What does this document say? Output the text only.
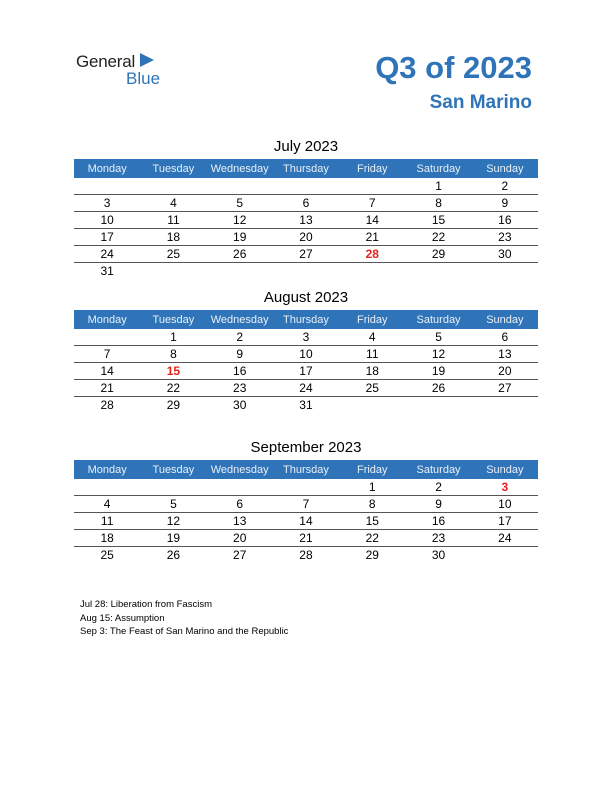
General
Blue	Q3 of 2023
San Marino
July 2023
Monday	Tuesday	Wednesday	Thursday	Friday	Saturday	Sunday
					1	2
3	4	5	6	7	8	9
10	11	12	13	14	15	16
17	18	19	20	21	22	23
24	25	26	27	28	29	30
31						
August 2023
Monday	Tuesday	Wednesday	Thursday	Friday	Saturday	Sunday
	1	2	3	4	5	6
7	8	9	10	11	12	13
14	15	16	17	18	19	20
21	22	23	24	25	26	27
28	29	30	31			
September 2023
Monday	Tuesday	Wednesday	Thursday	Friday	Saturday	Sunday
				1	2	3
4	5	6	7	8	9	10
11	12	13	14	15	16	17
18	19	20	21	22	23	24
25	26	27	28	29	30	
Jul 28: Liberation from Fascism
Aug 15: Assumption
Sep 3: The Feast of San Marino and the Republic
